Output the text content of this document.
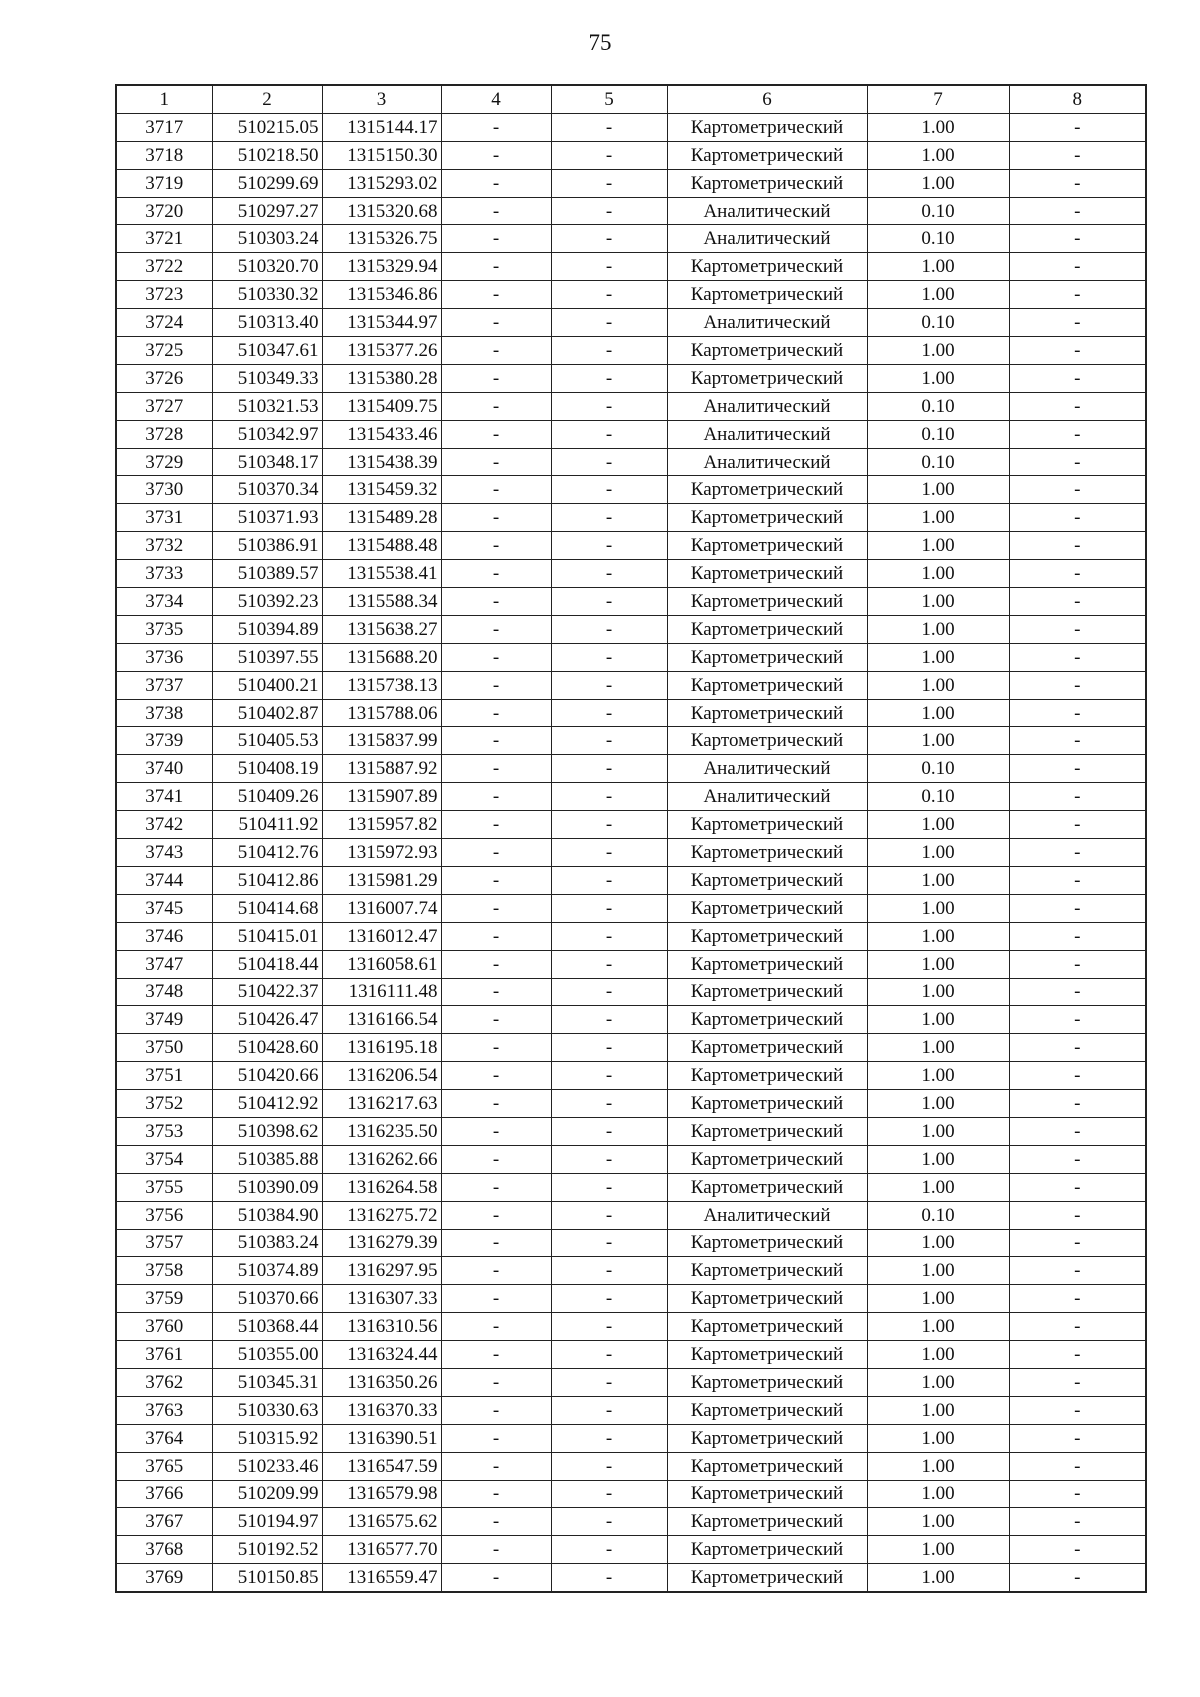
75
1	2	3	4	5	6	7	8
3717	510215.05	1315144.17	-	-	Картометрический	1.00	-
3718	510218.50	1315150.30	-	-	Картометрический	1.00	-
3719	510299.69	1315293.02	-	-	Картометрический	1.00	-
3720	510297.27	1315320.68	-	-	Аналитический	0.10	-
3721	510303.24	1315326.75	-	-	Аналитический	0.10	-
3722	510320.70	1315329.94	-	-	Картометрический	1.00	-
3723	510330.32	1315346.86	-	-	Картометрический	1.00	-
3724	510313.40	1315344.97	-	-	Аналитический	0.10	-
3725	510347.61	1315377.26	-	-	Картометрический	1.00	-
3726	510349.33	1315380.28	-	-	Картометрический	1.00	-
3727	510321.53	1315409.75	-	-	Аналитический	0.10	-
3728	510342.97	1315433.46	-	-	Аналитический	0.10	-
3729	510348.17	1315438.39	-	-	Аналитический	0.10	-
3730	510370.34	1315459.32	-	-	Картометрический	1.00	-
3731	510371.93	1315489.28	-	-	Картометрический	1.00	-
3732	510386.91	1315488.48	-	-	Картометрический	1.00	-
3733	510389.57	1315538.41	-	-	Картометрический	1.00	-
3734	510392.23	1315588.34	-	-	Картометрический	1.00	-
3735	510394.89	1315638.27	-	-	Картометрический	1.00	-
3736	510397.55	1315688.20	-	-	Картометрический	1.00	-
3737	510400.21	1315738.13	-	-	Картометрический	1.00	-
3738	510402.87	1315788.06	-	-	Картометрический	1.00	-
3739	510405.53	1315837.99	-	-	Картометрический	1.00	-
3740	510408.19	1315887.92	-	-	Аналитический	0.10	-
3741	510409.26	1315907.89	-	-	Аналитический	0.10	-
3742	510411.92	1315957.82	-	-	Картометрический	1.00	-
3743	510412.76	1315972.93	-	-	Картометрический	1.00	-
3744	510412.86	1315981.29	-	-	Картометрический	1.00	-
3745	510414.68	1316007.74	-	-	Картометрический	1.00	-
3746	510415.01	1316012.47	-	-	Картометрический	1.00	-
3747	510418.44	1316058.61	-	-	Картометрический	1.00	-
3748	510422.37	1316111.48	-	-	Картометрический	1.00	-
3749	510426.47	1316166.54	-	-	Картометрический	1.00	-
3750	510428.60	1316195.18	-	-	Картометрический	1.00	-
3751	510420.66	1316206.54	-	-	Картометрический	1.00	-
3752	510412.92	1316217.63	-	-	Картометрический	1.00	-
3753	510398.62	1316235.50	-	-	Картометрический	1.00	-
3754	510385.88	1316262.66	-	-	Картометрический	1.00	-
3755	510390.09	1316264.58	-	-	Картометрический	1.00	-
3756	510384.90	1316275.72	-	-	Аналитический	0.10	-
3757	510383.24	1316279.39	-	-	Картометрический	1.00	-
3758	510374.89	1316297.95	-	-	Картометрический	1.00	-
3759	510370.66	1316307.33	-	-	Картометрический	1.00	-
3760	510368.44	1316310.56	-	-	Картометрический	1.00	-
3761	510355.00	1316324.44	-	-	Картометрический	1.00	-
3762	510345.31	1316350.26	-	-	Картометрический	1.00	-
3763	510330.63	1316370.33	-	-	Картометрический	1.00	-
3764	510315.92	1316390.51	-	-	Картометрический	1.00	-
3765	510233.46	1316547.59	-	-	Картометрический	1.00	-
3766	510209.99	1316579.98	-	-	Картометрический	1.00	-
3767	510194.97	1316575.62	-	-	Картометрический	1.00	-
3768	510192.52	1316577.70	-	-	Картометрический	1.00	-
3769	510150.85	1316559.47	-	-	Картометрический	1.00	-
